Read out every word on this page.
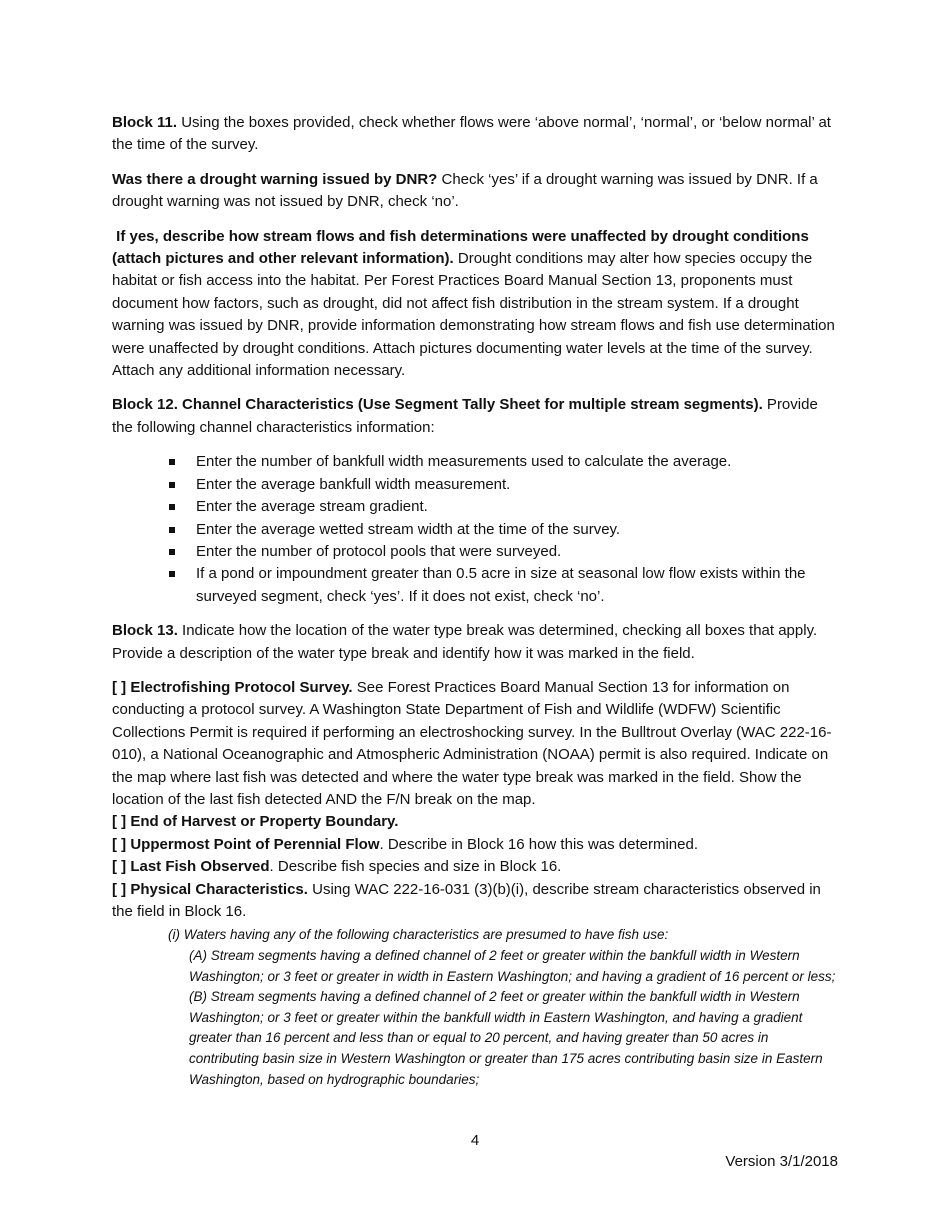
Block 11. Using the boxes provided, check whether flows were ‘above normal’, ‘normal’, or ‘below normal’ at the time of the survey.

Was there a drought warning issued by DNR? Check ‘yes’ if a drought warning was issued by DNR. If a drought warning was not issued by DNR, check ‘no’.

If yes, describe how stream flows and fish determinations were unaffected by drought conditions (attach pictures and other relevant information). Drought conditions may alter how species occupy the habitat or fish access into the habitat. Per Forest Practices Board Manual Section 13, proponents must document how factors, such as drought, did not affect fish distribution in the stream system. If a drought warning was issued by DNR, provide information demonstrating how stream flows and fish use determination were unaffected by drought conditions. Attach pictures documenting water levels at the time of the survey. Attach any additional information necessary.

Block 12. Channel Characteristics (Use Segment Tally Sheet for multiple stream segments). Provide the following channel characteristics information:

Enter the number of bankfull width measurements used to calculate the average.
Enter the average bankfull width measurement.
Enter the average stream gradient.
Enter the average wetted stream width at the time of the survey.
Enter the number of protocol pools that were surveyed.
If a pond or impoundment greater than 0.5 acre in size at seasonal low flow exists within the surveyed segment, check ‘yes’. If it does not exist, check ‘no’.

Block 13. Indicate how the location of the water type break was determined, checking all boxes that apply. Provide a description of the water type break and identify how it was marked in the field.

[ ] Electrofishing Protocol Survey. See Forest Practices Board Manual Section 13 for information on conducting a protocol survey. A Washington State Department of Fish and Wildlife (WDFW) Scientific Collections Permit is required if performing an electroshocking survey. In the Bulltrout Overlay (WAC 222-16-010), a National Oceanographic and Atmospheric Administration (NOAA) permit is also required. Indicate on the map where last fish was detected and where the water type break was marked in the field. Show the location of the last fish detected AND the F/N break on the map.

[ ] End of Harvest or Property Boundary.

[ ] Uppermost Point of Perennial Flow. Describe in Block 16 how this was determined.

[ ] Last Fish Observed. Describe fish species and size in Block 16.

[ ] Physical Characteristics. Using WAC 222-16-031 (3)(b)(i), describe stream characteristics observed in the field in Block 16.

(i) Waters having any of the following characteristics are presumed to have fish use:
(A) Stream segments having a defined channel of 2 feet or greater within the bankfull width in Western Washington; or 3 feet or greater in width in Eastern Washington; and having a gradient of 16 percent or less;
(B) Stream segments having a defined channel of 2 feet or greater within the bankfull width in Western Washington; or 3 feet or greater within the bankfull width in Eastern Washington, and having a gradient greater than 16 percent and less than or equal to 20 percent, and having greater than 50 acres in contributing basin size in Western Washington or greater than 175 acres contributing basin size in Eastern Washington, based on hydrographic boundaries;
4
Version 3/1/2018
